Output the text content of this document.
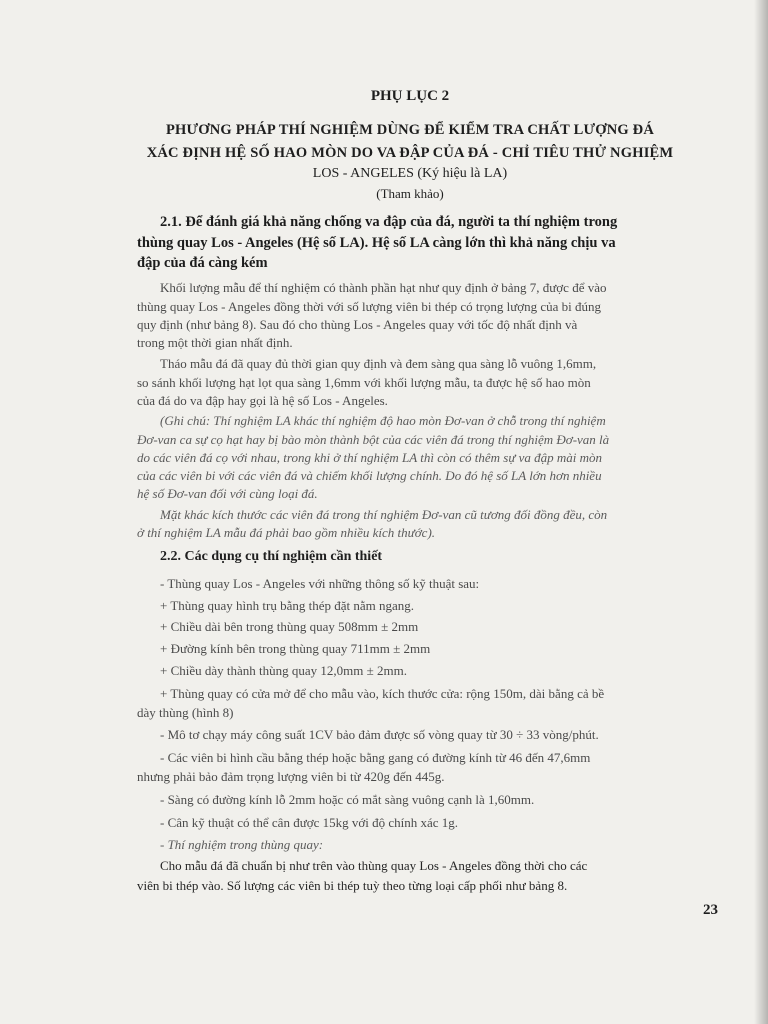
PHỤ LỤC 2
PHƯƠNG PHÁP THÍ NGHIỆM DÙNG ĐỂ KIỂM TRA CHẤT LƯỢNG ĐÁ
XÁC ĐỊNH HỆ SỐ HAO MÒN DO VA ĐẬP CỦA ĐÁ - CHỈ TIÊU THỬ NGHIỆM
LOS - ANGELES (Ký hiệu là LA)
(Tham khảo)
2.1. Để đánh giá khả năng chống va đập của đá, người ta thí nghiệm trong
thùng quay Los - Angeles (Hệ số LA). Hệ số LA càng lớn thì khả năng chịu va
đập của đá càng kém
Khối lượng mẫu để thí nghiệm có thành phần hạt như quy định ở bảng 7, được để vào
thùng quay Los - Angeles đồng thời với số lượng viên bi thép có trọng lượng của bi đúng
quy định (như bảng 8). Sau đó cho thùng Los - Angeles quay với tốc độ nhất định và
trong một thời gian nhất định.
Tháo mẫu đá đã quay đủ thời gian quy định và đem sàng qua sàng lỗ vuông 1,6mm,
so sánh khối lượng hạt lọt qua sàng 1,6mm với khối lượng mẫu, ta được hệ số hao mòn
của đá do va đập hay gọi là hệ số Los - Angeles.
(Ghi chú: Thí nghiệm LA khác thí nghiệm độ hao mòn Đơ-van ở chỗ trong thí nghiệm
Đơ-van ca sự cọ hạt hay bị bào mòn thành bột của các viên đá trong thí nghiệm Đơ-van là
do các viên đá cọ với nhau, trong khi ở thí nghiệm LA thì còn có thêm sự va đập mài mòn
của các viên bi với các viên đá và chiếm khối lượng chính. Do đó hệ số LA lớn hơn nhiều
hệ số Đơ-van đối với cùng loại đá.
Mặt khác kích thước các viên đá trong thí nghiệm Đơ-van cũ tương đối đồng đều, còn
ở thí nghiệm LA mẫu đá phải bao gồm nhiều kích thước).
2.2. Các dụng cụ thí nghiệm cần thiết
- Thùng quay Los - Angeles với những thông số kỹ thuật sau:
+ Thùng quay hình trụ bằng thép đặt nằm ngang.
+ Chiều dài bên trong thùng quay 508mm ± 2mm
+ Đường kính bên trong thùng quay 711mm ± 2mm
+ Chiều dày thành thùng quay 12,0mm ± 2mm.
+ Thùng quay có cửa mở để cho mẫu vào, kích thước cửa: rộng 150m, dài bằng cả bề
dày thùng (hình 8)
- Mô tơ chạy máy công suất 1CV bảo đảm được số vòng quay từ 30 ÷ 33 vòng/phút.
- Các viên bi hình cầu bằng thép hoặc bằng gang có đường kính từ 46 đến 47,6mm
nhưng phải bảo đảm trọng lượng viên bi từ 420g đến 445g.
- Sàng có đường kính lỗ 2mm hoặc có mắt sàng vuông cạnh là 1,60mm.
- Cân kỹ thuật có thể cân được 15kg với độ chính xác 1g.
- Thí nghiệm trong thùng quay:
Cho mẫu đá đã chuẩn bị như trên vào thùng quay Los - Angeles đồng thời cho các
viên bi thép vào. Số lượng các viên bi thép tuỳ theo từng loại cấp phối như bảng 8.
23
